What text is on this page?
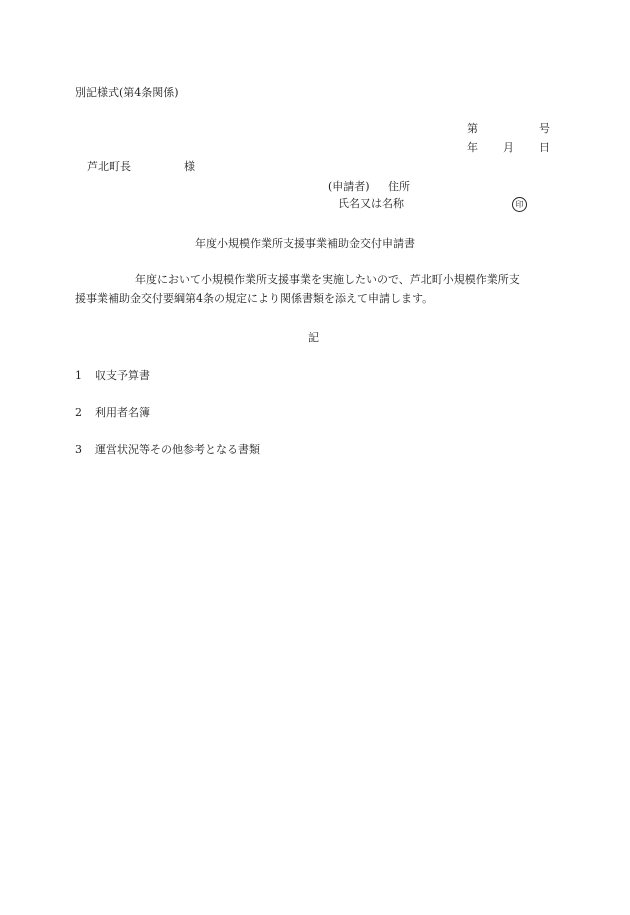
別記様式(第4条関係)
第	号
年 月 日
芦北町長	様
(申請者) 住所
氏名又は名称	印
年度小規模作業所支援事業補助金交付申請書
年度において小規模作業所支援事業を実施したいので、芦北町小規模作業所支
援事業補助金交付要綱第4条の規定により関係書類を添えて申請します。
記
1 収支予算書
2 利用者名簿
3 運営状況等その他参考となる書類
